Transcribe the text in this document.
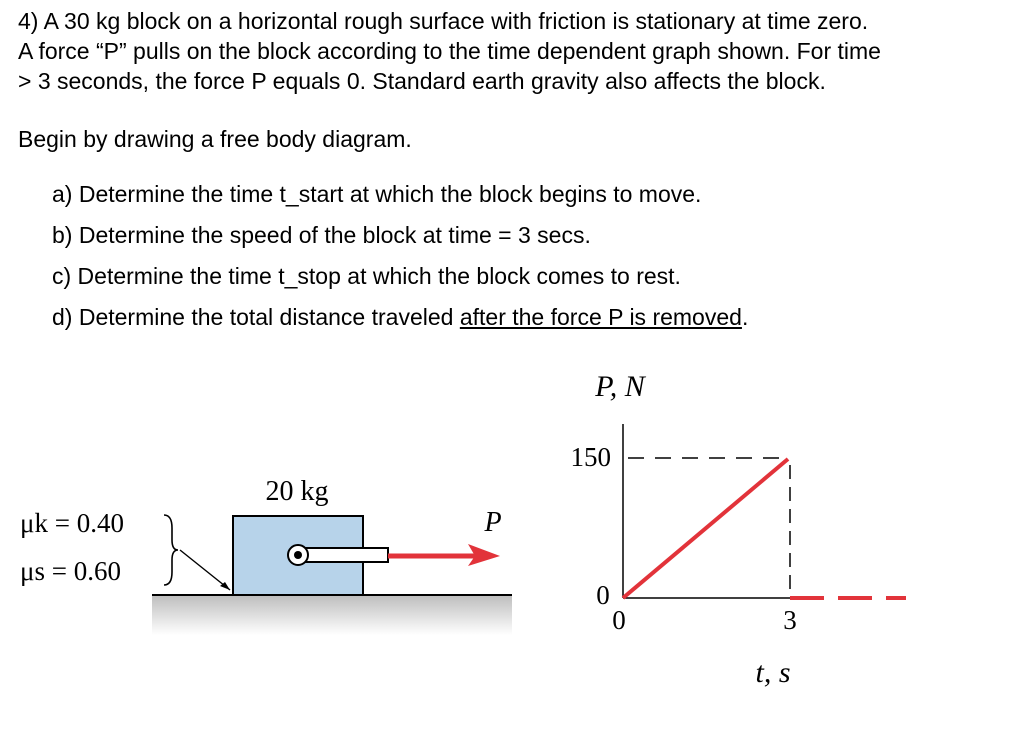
4) A 30 kg block on a horizontal rough surface with friction is stationary at time zero.

A force “P” pulls on the block according to the time dependent graph shown. For time

> 3 seconds, the force P equals 0. Standard earth gravity also affects the block.

Begin by drawing a free body diagram.
a) Determine the time t_start at which the block begins to move.
b) Determine the speed of the block at time = 3 secs.
c) Determine the time t_stop at which the block comes to rest.
d) Determine the total distance traveled after the force P is removed.
20 kg
P
μk = 0.40
μs = 0.60
P, N
150
0
0	3
t, s
